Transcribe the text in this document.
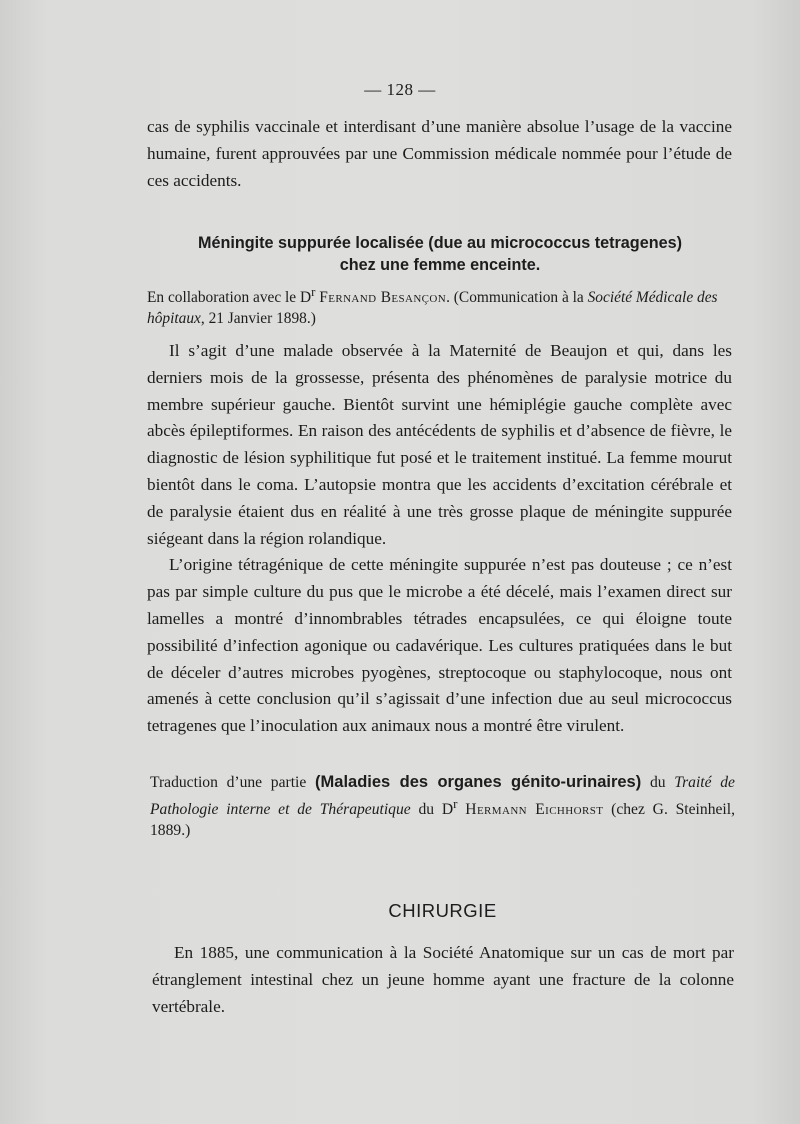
— 128 —

cas de syphilis vaccinale et interdisant d’une manière absolue l’usage de la vaccine humaine, furent approuvées par une Commission médicale nommée pour l’étude de ces accidents.

Méningite suppurée localisée (due au micrococcus tetragenes)
chez une femme enceinte.
En collaboration avec le $D^r$ Fernand Besançon. (Communication à la Société Médicale des hôpitaux, 21 Janvier 1898.)

Il s’agit d’une malade observée à la Maternité de Beaujon et qui, dans les derniers mois de la grossesse, présenta des phénomènes de paralysie motrice du membre supérieur gauche. Bientôt survint une hémiplégie gauche complète avec abcès épileptiformes. En raison des antécédents de syphilis et d’absence de fièvre, le diagnostic de lésion syphilitique fut posé et le traitement institué. La femme mourut bientôt dans le coma. L’autopsie montra que les accidents d’excitation cérébrale et de paralysie étaient dus en réalité à une très grosse plaque de méningite suppurée siégeant dans la région rolandique.

L’origine tétragénique de cette méningite suppurée n’est pas douteuse ; ce n’est pas par simple culture du pus que le microbe a été décelé, mais l’examen direct sur lamelles a montré d’innombrables tétrades encapsulées, ce qui éloigne toute possibilité d’infection agonique ou cadavérique. Les cultures pratiquées dans le but de déceler d’autres microbes pyogènes, streptocoque ou staphylocoque, nous ont amenés à cette conclusion qu’il s’agissait d’une infection due au seul micrococcus tetragenes que l’inoculation aux animaux nous a montré être virulent.

Traduction d’une partie (Maladies des organes génito-urinaires) du Traité de Pathologie interne et de Thérapeutique du $D^r$ Hermann Eichhorst (chez G. Steinheil, 1889.)
CHIRURGIE

En 1885, une communication à la Société Anatomique sur un cas de mort par étranglement intestinal chez un jeune homme ayant une fracture de la colonne vertébrale.
